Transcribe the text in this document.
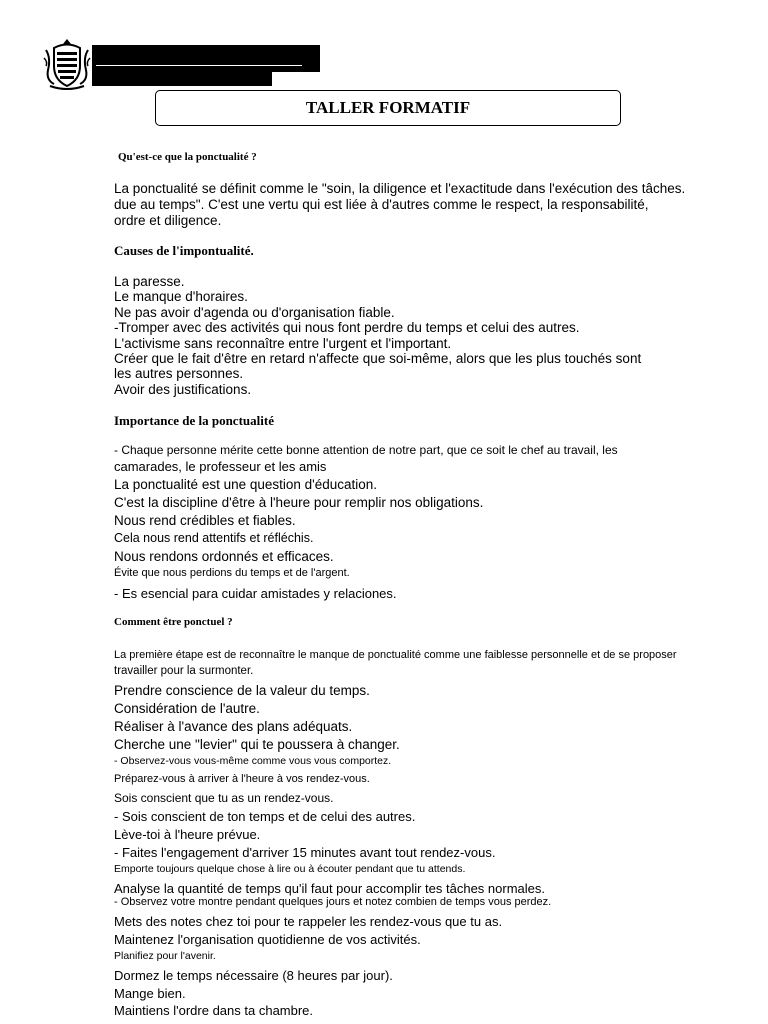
TALLER FORMATIF
Qu'est-ce que la ponctualité ?
La ponctualité se définit comme le "soin, la diligence et l'exactitude dans l'exécution des tâches.
due au temps". C'est une vertu qui est liée à d'autres comme le respect, la responsabilité,
ordre et diligence.
Causes de l'impontualité.
La paresse.
Le manque d'horaires.
Ne pas avoir d'agenda ou d'organisation fiable.
-Tromper avec des activités qui nous font perdre du temps et celui des autres.
L'activisme sans reconnaître entre l'urgent et l'important.
Créer que le fait d'être en retard n'affecte que soi-même, alors que les plus touchés sont
les autres personnes.
Avoir des justifications.
Importance de la ponctualité
- Chaque personne mérite cette bonne attention de notre part, que ce soit le chef au travail, les
camarades, le professeur et les amis
La ponctualité est une question d'éducation.
C'est la discipline d'être à l'heure pour remplir nos obligations.
Nous rend crédibles et fiables.
Cela nous rend attentifs et réfléchis.
Nous rendons ordonnés et efficaces.
Évite que nous perdions du temps et de l'argent.
- Es esencial para cuidar amistades y relaciones.
Comment être ponctuel ?
La première étape est de reconnaître le manque de ponctualité comme une faiblesse personnelle et de se proposer
travailler pour la surmonter.
Prendre conscience de la valeur du temps.
Considération de l'autre.
Réaliser à l'avance des plans adéquats.
Cherche une "levier" qui te poussera à changer.
- Observez-vous vous-même comme vous vous comportez.
Préparez-vous à arriver à l'heure à vos rendez-vous.
Sois conscient que tu as un rendez-vous.
- Sois conscient de ton temps et de celui des autres.
Lève-toi à l'heure prévue.
- Faites l'engagement d'arriver 15 minutes avant tout rendez-vous.
Emporte toujours quelque chose à lire ou à écouter pendant que tu attends.
Analyse la quantité de temps qu'il faut pour accomplir tes tâches normales.
- Observez votre montre pendant quelques jours et notez combien de temps vous perdez.
Mets des notes chez toi pour te rappeler les rendez-vous que tu as.
Maintenez l'organisation quotidienne de vos activités.
Planifiez pour l'avenir.
Dormez le temps nécessaire (8 heures par jour).
Mange bien.
Maintiens l'ordre dans ta chambre.
